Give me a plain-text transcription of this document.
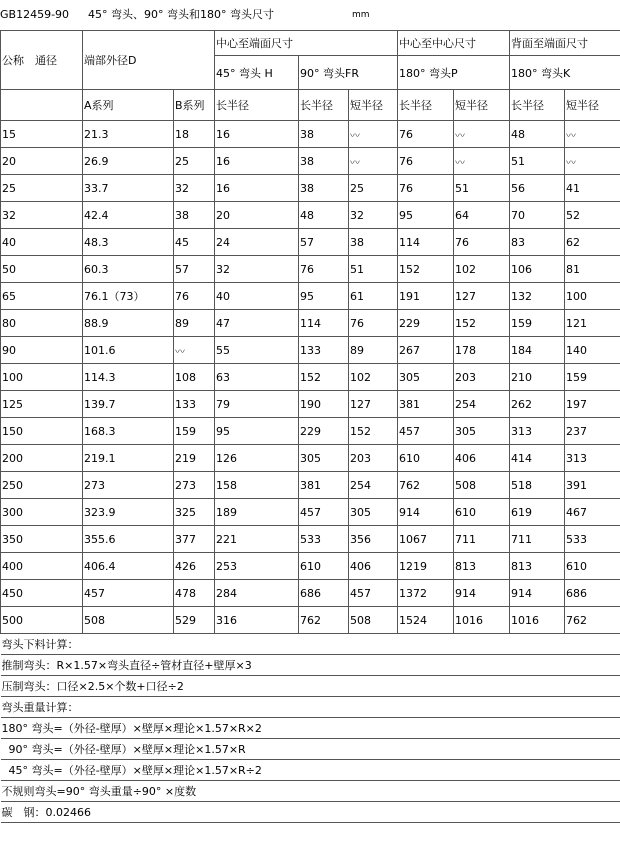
GB12459-90 45° 弯头、90° 弯头和180° 弯头尺寸	mm
公称　通径	端部外径D		中心至端面尺寸			中心至中心尺寸		背面至端面尺寸	
			45° 弯头 H	90° 弯头FR		180° 弯头P		180° 弯头K	
	A系列	B系列	长半径	长半径	短半径	长半径	短半径	长半径	短半径
15	21.3	18	16	38	〰	76	〰	48	〰
20	26.9	25	16	38	〰	76	〰	51	〰
25	33.7	32	16	38	25	76	51	56	41
32	42.4	38	20	48	32	95	64	70	52
40	48.3	45	24	57	38	114	76	83	62
50	60.3	57	32	76	51	152	102	106	81
65	76.1（73）	76	40	95	61	191	127	132	100
80	88.9	89	47	114	76	229	152	159	121
90	101.6	〰	55	133	89	267	178	184	140
100	114.3	108	63	152	102	305	203	210	159
125	139.7	133	79	190	127	381	254	262	197
150	168.3	159	95	229	152	457	305	313	237
200	219.1	219	126	305	203	610	406	414	313
250	273	273	158	381	254	762	508	518	391
300	323.9	325	189	457	305	914	610	619	467
350	355.6	377	221	533	356	1067	711	711	533
400	406.4	426	253	610	406	1219	813	813	610
450	457	478	284	686	457	1372	914	914	686
500	508	529	316	762	508	1524	1016	1016	762
弯头下料计算：									
推制弯头：R×1.57×弯头直径÷管材直径+壁厚×3									
压制弯头：口径×2.5×个数+口径÷2									
弯头重量计算：									
180° 弯头=（外径-壁厚）×壁厚×理论×1.57×R×2									
90° 弯头=（外径-壁厚）×壁厚×理论×1.57×R									
45° 弯头=（外径-壁厚）×壁厚×理论×1.57×R÷2									
不规则弯头=90° 弯头重量÷90° ×度数									
碳　钢：0.02466									
